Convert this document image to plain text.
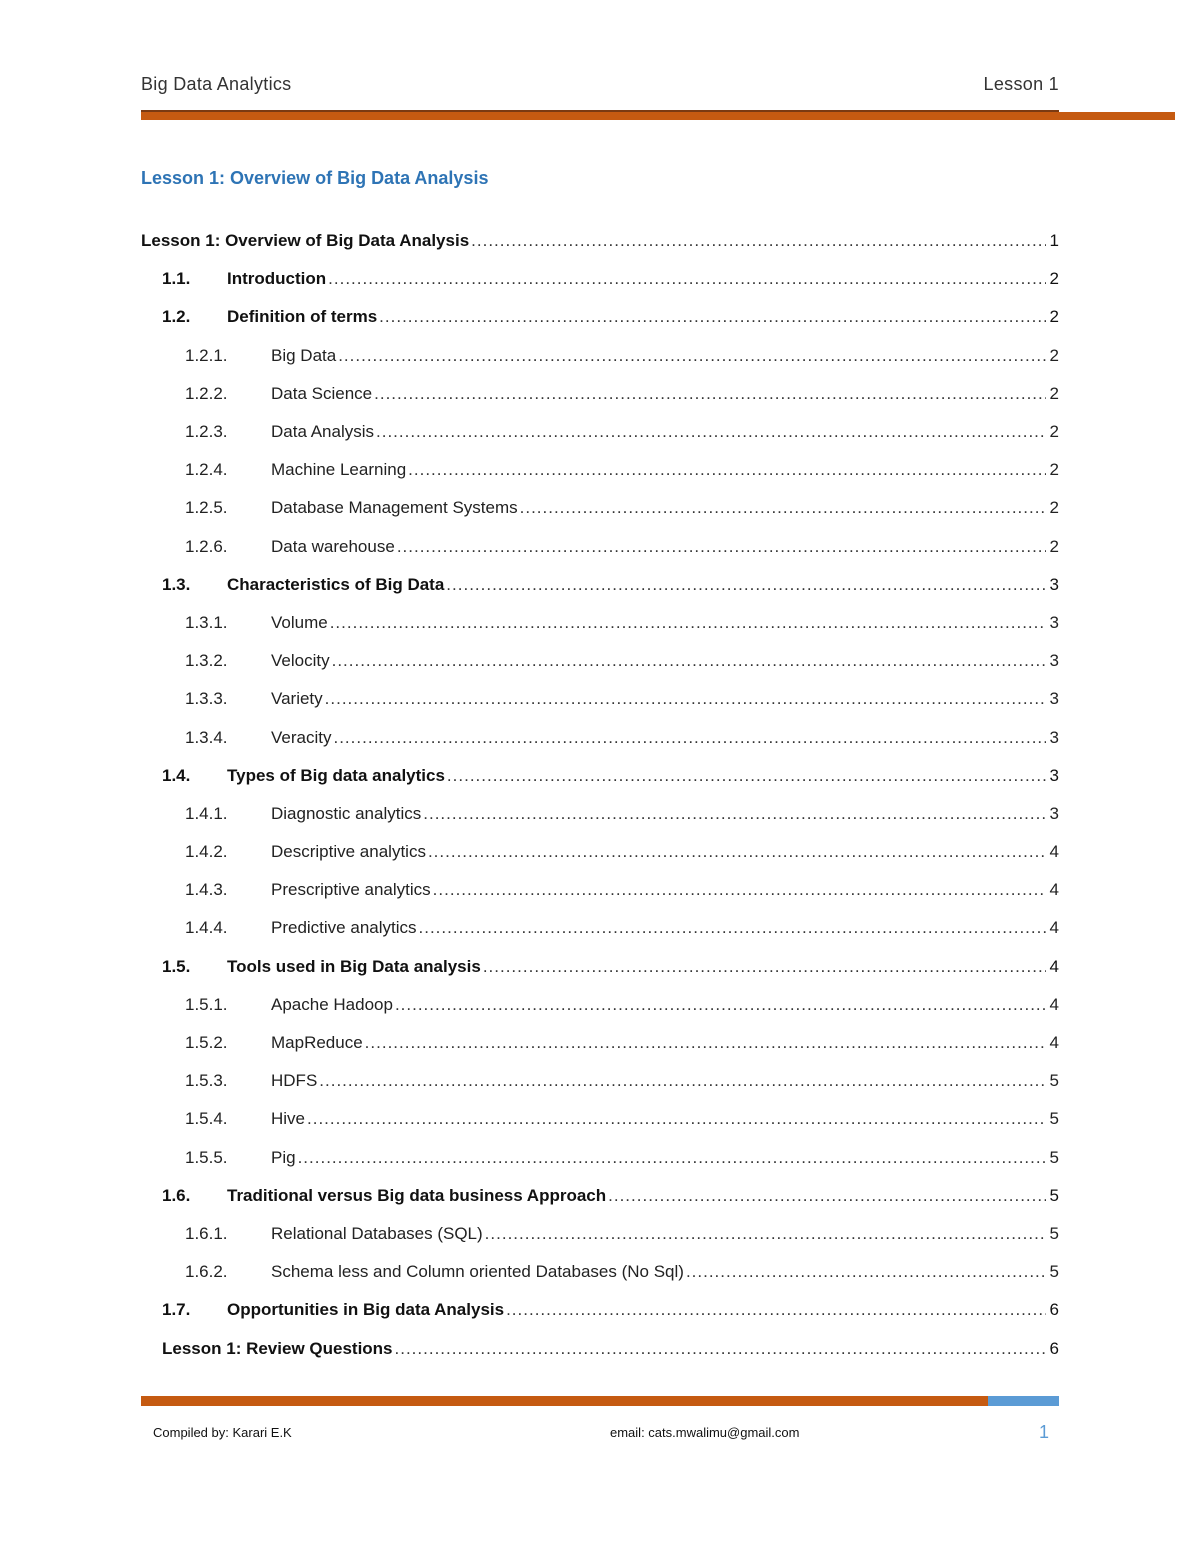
Big Data Analytics	Lesson 1
Lesson 1: Overview of Big Data Analysis
Lesson 1: Overview of Big Data Analysis .....	1
1.1.	Introduction .....	2
1.2.	Definition of terms .....	2
1.2.1.	Big Data .....	2
1.2.2.	Data Science .....	2
1.2.3.	Data Analysis .....	2
1.2.4.	Machine Learning .....	2
1.2.5.	Database Management Systems .....	2
1.2.6.	Data warehouse .....	2
1.3.	Characteristics of Big Data .....	3
1.3.1.	Volume .....	3
1.3.2.	Velocity .....	3
1.3.3.	Variety .....	3
1.3.4.	Veracity .....	3
1.4.	Types of Big data analytics .....	3
1.4.1.	Diagnostic analytics .....	3
1.4.2.	Descriptive analytics .....	4
1.4.3.	Prescriptive analytics .....	4
1.4.4.	Predictive analytics .....	4
1.5.	Tools used in Big Data analysis .....	4
1.5.1.	Apache Hadoop .....	4
1.5.2.	MapReduce .....	4
1.5.3.	HDFS .....	5
1.5.4.	Hive .....	5
1.5.5.	Pig .....	5
1.6.	Traditional versus Big data business Approach .....	5
1.6.1.	Relational Databases (SQL) .....	5
1.6.2.	Schema less and Column oriented Databases (No Sql) .....	5
1.7.	Opportunities in Big data Analysis .....	6
Lesson 1: Review Questions .....	6
Compiled by: Karari E.K	email: cats.mwalimu@gmail.com	1
